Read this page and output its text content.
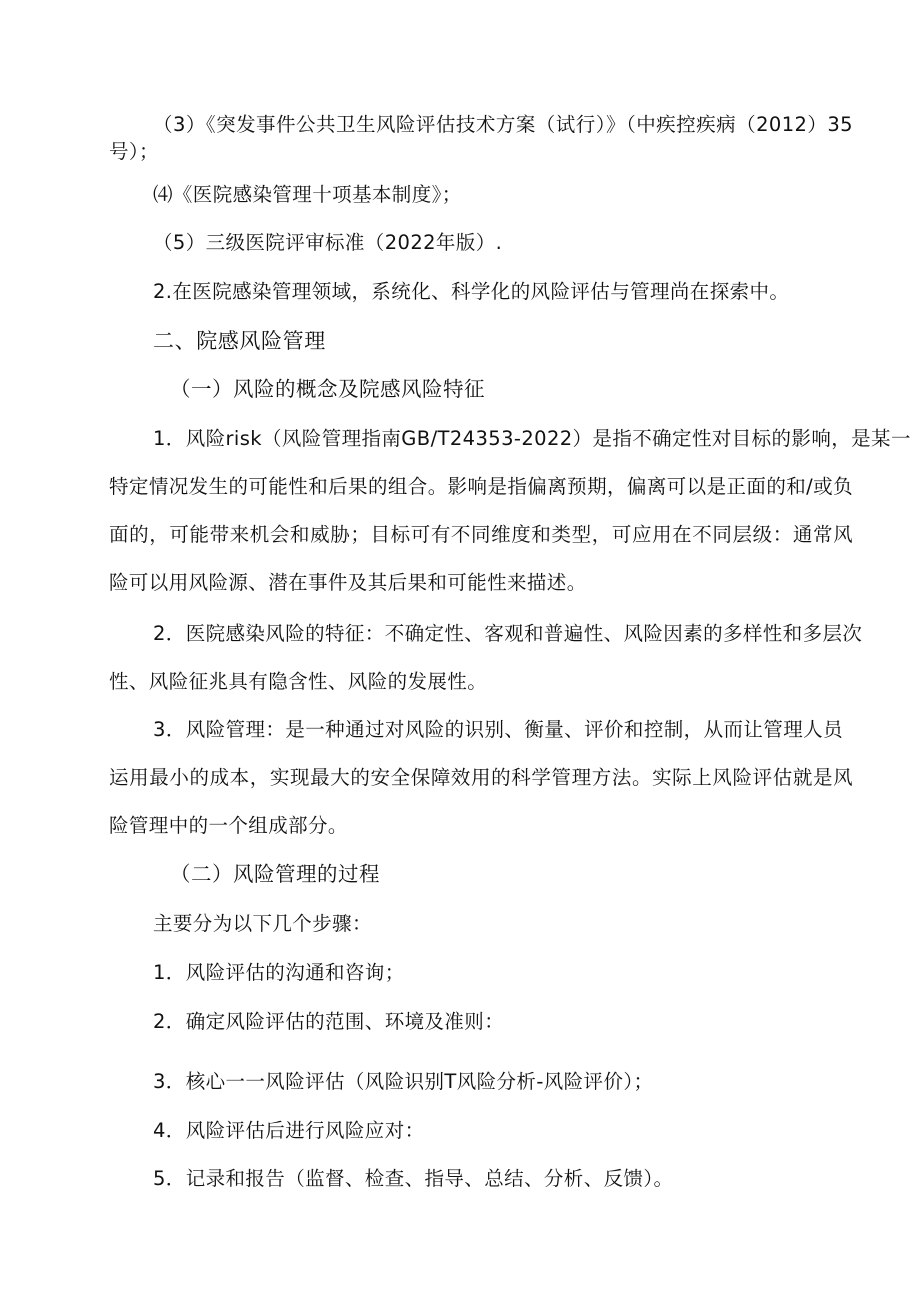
（3）《突发事件公共卫生风险评估技术方案（试行）》（中疾控疾病（2012）35
号）；
⑷《医院感染管理十项基本制度》；
（5）三级医院评审标准（2022年版）.
2.在医院感染管理领域，系统化、科学化的风险评估与管理尚在探索中。
二、院感风险管理
（一）风险的概念及院感风险特征
1．风险risk（风险管理指南GB/T24353-2022）是指不确定性对目标的影响，是某一
特定情况发生的可能性和后果的组合。影响是指偏离预期，偏离可以是正面的和/或负
面的，可能带来机会和威胁；目标可有不同维度和类型，可应用在不同层级：通常风
险可以用风险源、潜在事件及其后果和可能性来描述。
2．医院感染风险的特征：不确定性、客观和普遍性、风险因素的多样性和多层次
性、风险征兆具有隐含性、风险的发展性。
3．风险管理：是一种通过对风险的识别、衡量、评价和控制，从而让管理人员
运用最小的成本，实现最大的安全保障效用的科学管理方法。实际上风险评估就是风
险管理中的一个组成部分。
（二）风险管理的过程
主要分为以下几个步骤：
1．风险评估的沟通和咨询；
2．确定风险评估的范围、环境及准则：
3．核心一一风险评估（风险识别T风险分析-风险评价）；
4．风险评估后进行风险应对：
5．记录和报告（监督、检查、指导、总结、分析、反馈）。
